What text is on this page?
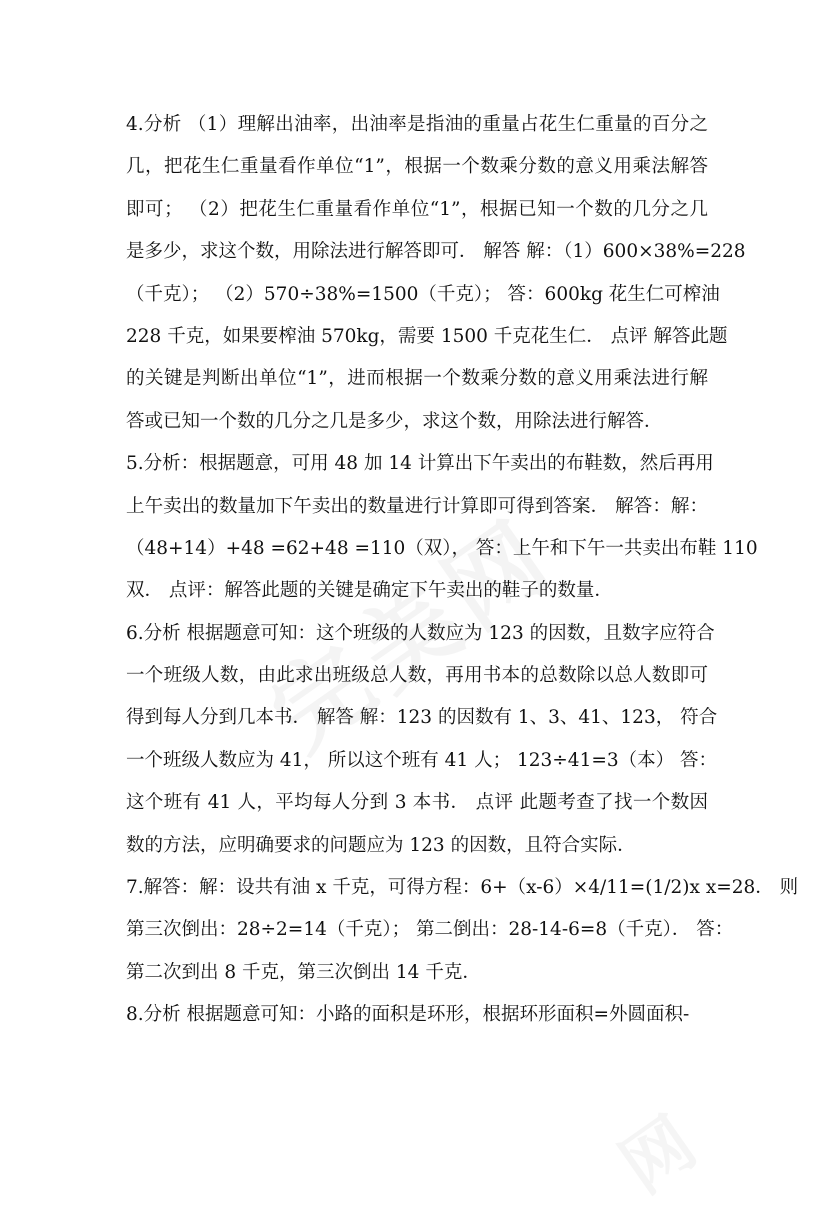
4.分析 （1）理解出油率，出油率是指油的重量占花生仁重量的百分之
几，把花生仁重量看作单位“1”，根据一个数乘分数的意义用乘法解答
即可； （2）把花生仁重量看作单位“1”，根据已知一个数的几分之几
是多少，求这个数，用除法进行解答即可． 解答 解：（1）600×38%=228
（千克）； （2）570÷38%=1500（千克）； 答：600kg 花生仁可榨油
228 千克，如果要榨油 570kg，需要 1500 千克花生仁． 点评 解答此题
的关键是判断出单位“1”，进而根据一个数乘分数的意义用乘法进行解
答或已知一个数的几分之几是多少，求这个数，用除法进行解答．
5.分析：根据题意，可用 48 加 14 计算出下午卖出的布鞋数，然后再用
上午卖出的数量加下午卖出的数量进行计算即可得到答案． 解答：解：
（48+14）+48 =62+48 =110（双）， 答：上午和下午一共卖出布鞋 110
双． 点评：解答此题的关键是确定下午卖出的鞋子的数量．
6.分析 根据题意可知：这个班级的人数应为 123 的因数，且数字应符合
一个班级人数，由此求出班级总人数，再用书本的总数除以总人数即可
得到每人分到几本书． 解答 解：123 的因数有 1、3、41、123， 符合
一个班级人数应为 41， 所以这个班有 41 人； 123÷41=3（本） 答：
这个班有 41 人，平均每人分到 3 本书． 点评 此题考查了找一个数因
数的方法，应明确要求的问题应为 123 的因数，且符合实际．
7.解答：解：设共有油 x 千克，可得方程：6+（x-6）×4/11=(1/2)x x=28． 则
第三次倒出：28÷2=14（千克）； 第二倒出：28-14-6=8（千克）． 答：
第二次到出 8 千克，第三次倒出 14 千克．
8.分析 根据题意可知：小路的面积是环形，根据环形面积=外圆面积-
